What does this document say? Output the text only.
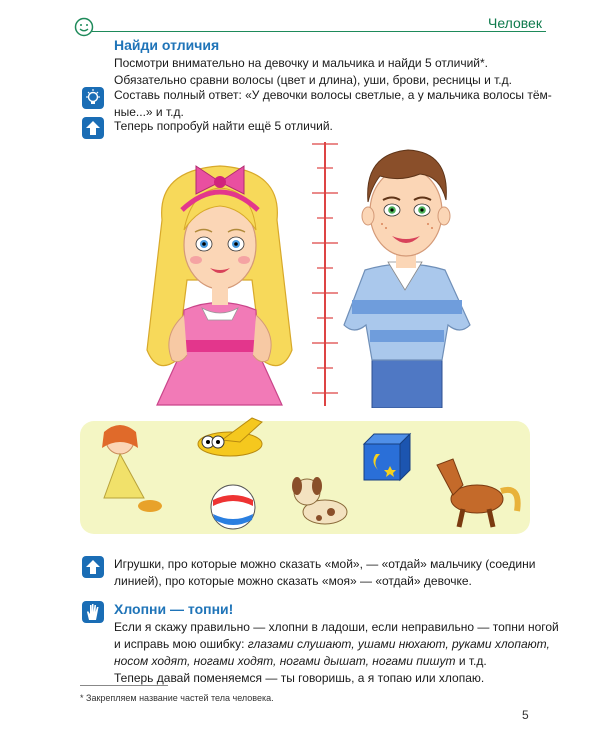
Человек
Найди отличия
Посмотри внимательно на девочку и мальчика и найди 5 отличий*.
Обязательно сравни волосы (цвет и длина), уши, брови, ресницы и т.д.
Составь полный ответ: «У девочки волосы светлые, а у мальчика волосы тём-
ные...» и т.д.
Теперь попробуй найти ещё 5 отличий.
Игрушки, про которые можно сказать «мой», — «отдай» мальчику (соедини
линией), про которые можно сказать «моя» — «отдай» девочке.
Хлопни — топни!
Если я скажу правильно — хлопни в ладоши, если неправильно — топни ногой
и исправь мою ошибку: глазами слушают, ушами нюхают, руками хлопают,
носом ходят, ногами ходят, ногами дышат, ногами пишут и т.д.
Теперь давай поменяемся — ты говоришь, а я топаю или хлопаю.
* Закрепляем название частей тела человека.
5
